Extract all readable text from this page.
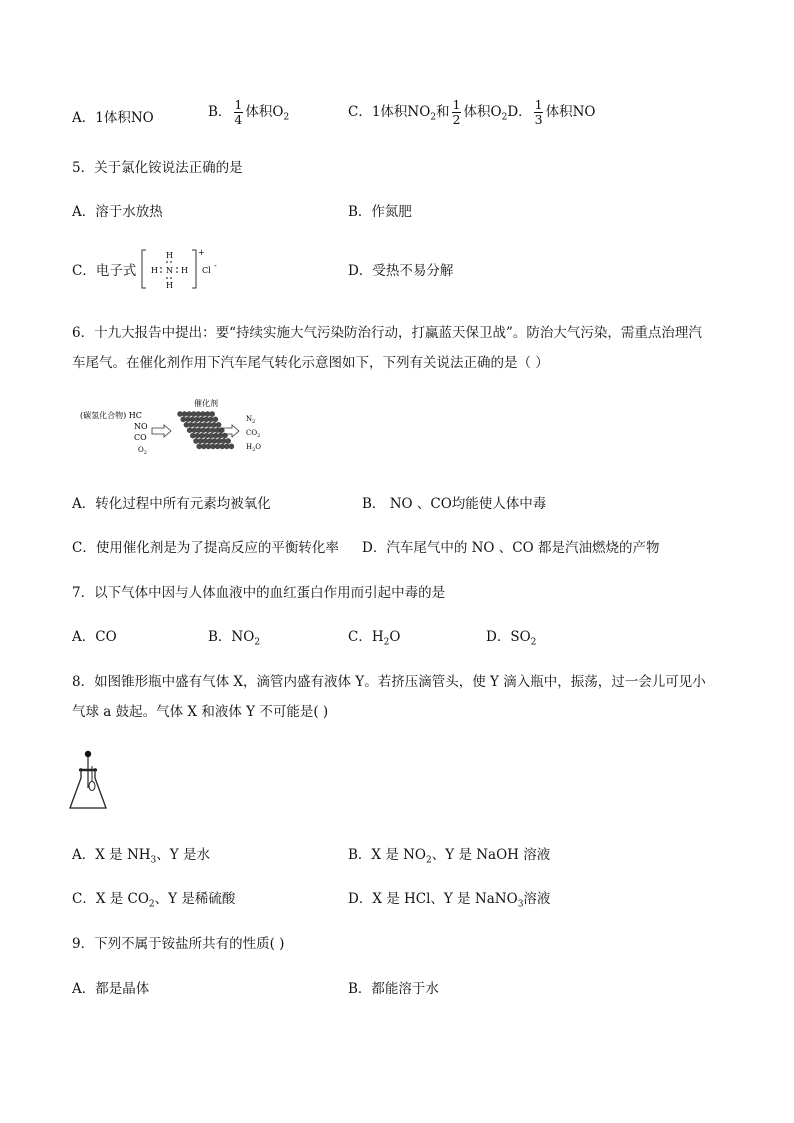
A．1体积NO	B． $\frac{1}{4}$ 体积$O_2$	C．1体积$NO_2$和 $\frac{1}{2}$ 体积$O_2D$． $\frac{1}{3}$ 体积NO
5．关于氯化铵说法正确的是
A．溶于水放热	B．作氮肥
C．电子式
H
H N H
H
+
Cl
-	D．受热不易分解
6．十九大报告中提出：要“持续实施大气污染防治行动，打赢蓝天保卫战”。防治大气污染，需重点治理汽
车尾气。在催化剂作用下汽车尾气转化示意图如下，下列有关说法正确的是（ ）
(碳氢化合物) HC
NO
CO
$O_2$
催化剂
$N_2$
$CO_2$
$H_2O$
A．转化过程中所有元素均被氧化	B． NO 、CO均能使人体中毒
C．使用催化剂是为了提高反应的平衡转化率 D．汽车尾气中的 NO 、CO 都是汽油燃烧的产物
7．以下气体中因与人体血液中的血红蛋白作用而引起中毒的是
A．CO	B．$NO_2$	C．$H_2O$	D．$SO_2$
8．如图锥形瓶中盛有气体 X，滴管内盛有液体 Y。若挤压滴管头，使 Y 滴入瓶中，振荡，过一会儿可见小
气球 a 鼓起。气体 X 和液体 Y 不可能是( )
A．X 是 $NH_3$、Y 是水	B．X 是 $NO_2$、Y 是 NaOH 溶液
C．X 是 $CO_2$、Y 是稀硫酸	D．X 是 HCl、Y 是 NaNO$_3$溶液
9．下列不属于铵盐所共有的性质( )
A．都是晶体	B．都能溶于水
